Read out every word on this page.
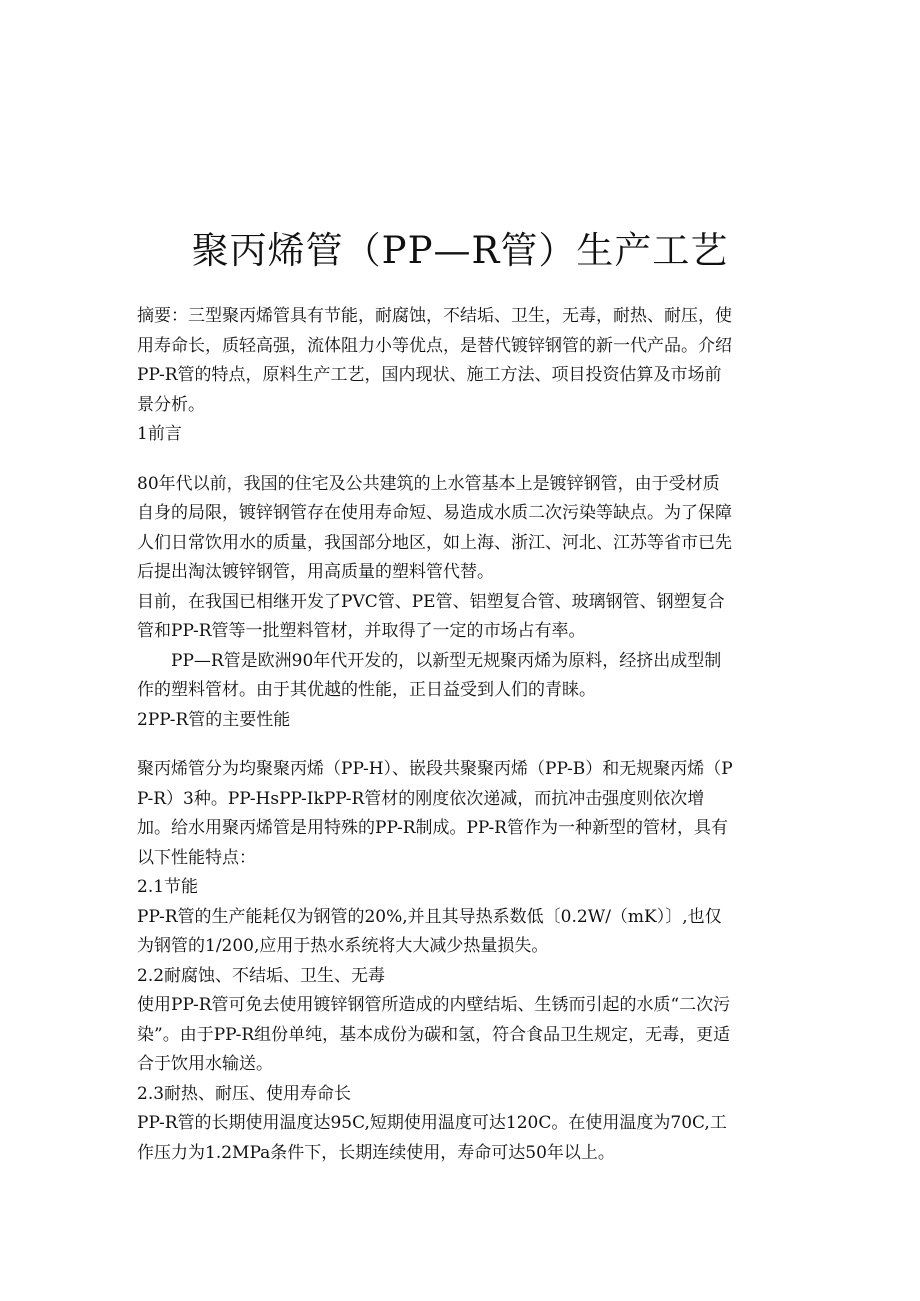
聚丙烯管（PP—R管）生产工艺

摘要：三型聚丙烯管具有节能，耐腐蚀，不结垢、卫生，无毒，耐热、耐压，使用寿命长，质轻高强，流体阻力小等优点，是替代镀锌钢管的新一代产品。介绍PP-R管的特点，原料生产工艺，国内现状、施工方法、项目投资估算及市场前景分析。

1前言

80年代以前，我国的住宅及公共建筑的上水管基本上是镀锌钢管，由于受材质自身的局限，镀锌钢管存在使用寿命短、易造成水质二次污染等缺点。为了保障人们日常饮用水的质量，我国部分地区，如上海、浙江、河北、江苏等省市已先后提出淘汰镀锌钢管，用高质量的塑料管代替。

目前，在我国已相继开发了PVC管、PE管、铝塑复合管、玻璃钢管、钢塑复合管和PP-R管等一批塑料管材，并取得了一定的市场占有率。

PP—R管是欧洲90年代开发的，以新型无规聚丙烯为原料，经挤出成型制作的塑料管材。由于其优越的性能，正日益受到人们的青睐。

2PP-R管的主要性能

聚丙烯管分为均聚聚丙烯（PP-H）、嵌段共聚聚丙烯（PP-B）和无规聚丙烯（PP-R）3种。PP-HsPP-IkPP-R管材的刚度依次递减，而抗冲击强度则依次增加。给水用聚丙烯管是用特殊的PP-R制成。PP-R管作为一种新型的管材，具有以下性能特点：

2.1节能

PP-R管的生产能耗仅为钢管的20%,并且其导热系数低〔0.2W/（mK）〕,也仅为钢管的1/200,应用于热水系统将大大减少热量损失。

2.2耐腐蚀、不结垢、卫生、无毒

使用PP-R管可免去使用镀锌钢管所造成的内壁结垢、生锈而引起的水质“二次污染”。由于PP-R组份单纯，基本成份为碳和氢，符合食品卫生规定，无毒，更适合于饮用水输送。

2.3耐热、耐压、使用寿命长

PP-R管的长期使用温度达95C,短期使用温度可达120C。在使用温度为70C,工作压力为1.2MPa条件下，长期连续使用，寿命可达50年以上。
